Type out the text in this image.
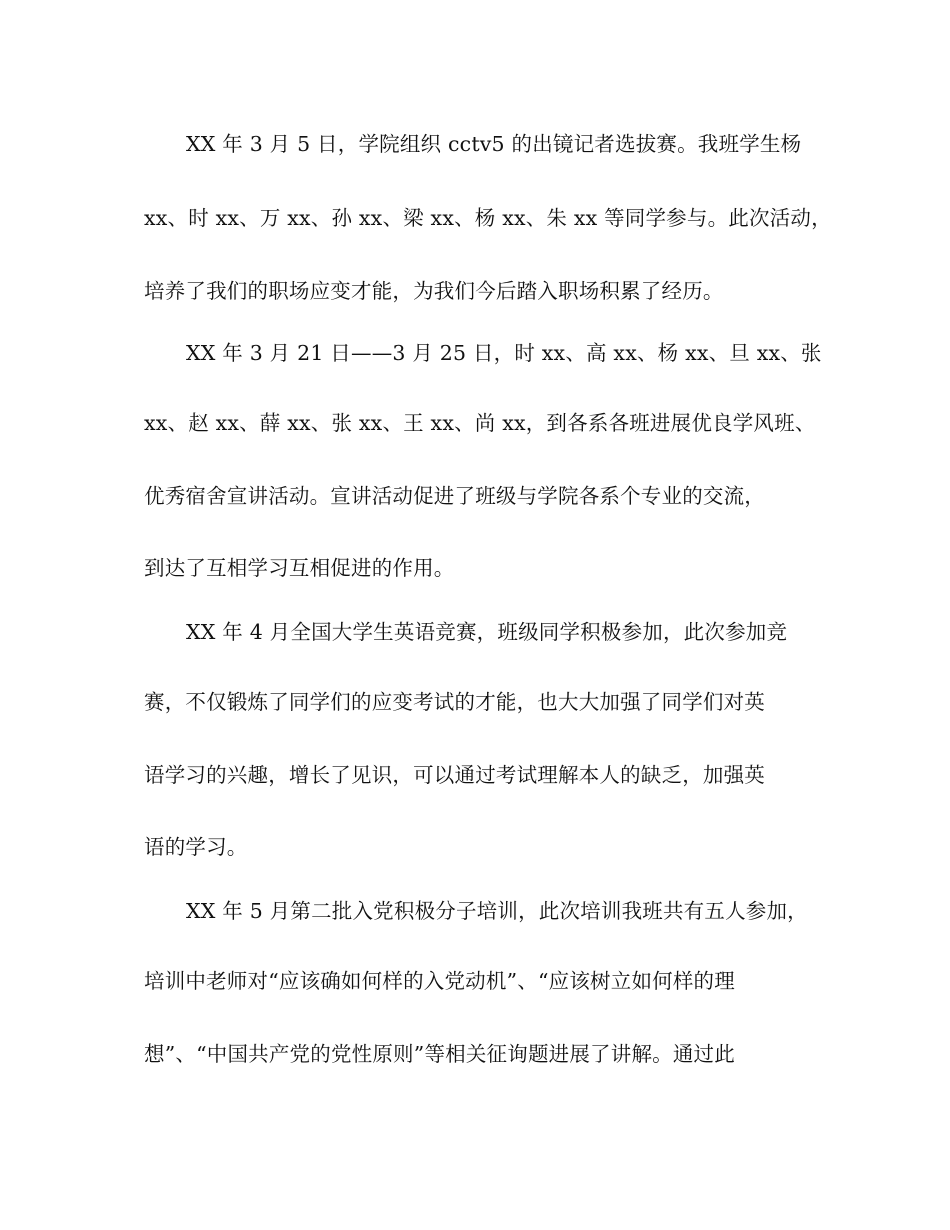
XX 年 3 月 5 日，学院组织 cctv5 的出镜记者选拔赛。我班学生杨
xx、时 xx、万 xx、孙 xx、梁 xx、杨 xx、朱 xx 等同学参与。此次活动，
培养了我们的职场应变才能，为我们今后踏入职场积累了经历。
XX 年 3 月 21 日——3 月 25 日，时 xx、高 xx、杨 xx、旦 xx、张
xx、赵 xx、薛 xx、张 xx、王 xx、尚 xx，到各系各班进展优良学风班、
优秀宿舍宣讲活动。宣讲活动促进了班级与学院各系个专业的交流，
到达了互相学习互相促进的作用。
XX 年 4 月全国大学生英语竞赛，班级同学积极参加，此次参加竞
赛，不仅锻炼了同学们的应变考试的才能，也大大加强了同学们对英
语学习的兴趣，增长了见识，可以通过考试理解本人的缺乏，加强英
语的学习。
XX 年 5 月第二批入党积极分子培训，此次培训我班共有五人参加，
培训中老师对“应该确如何样的入党动机”、“应该树立如何样的理
想”、“中国共产党的党性原则”等相关征询题进展了讲解。通过此
